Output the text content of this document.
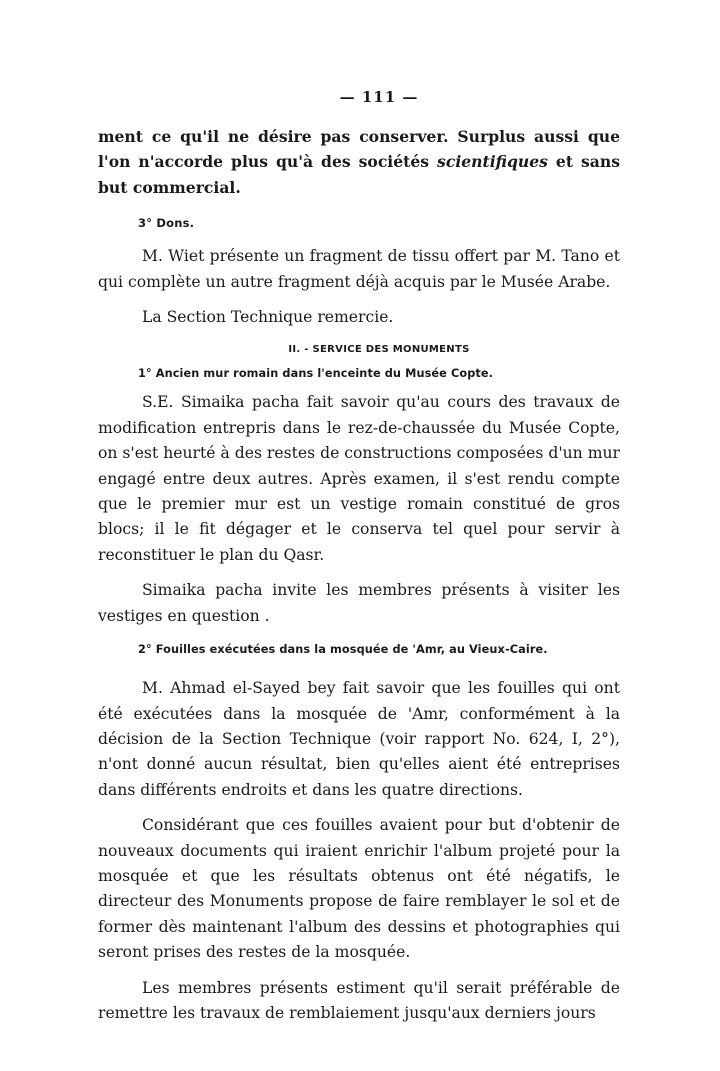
— 111 —

ment ce qu'il ne désire pas conserver. Surplus aussi que l'on n'accorde plus qu'à des sociétés scientifiques et sans but commercial.

3° Dons.

M. Wiet présente un fragment de tissu offert par M. Tano et qui complète un autre fragment déjà acquis par le Musée Arabe.

La Section Technique remercie.

II. - SERVICE DES MONUMENTS
1° Ancien mur romain dans l'enceinte du Musée Copte.

S.E. Simaika pacha fait savoir qu'au cours des travaux de modification entrepris dans le rez-de-chaussée du Musée Copte, on s'est heurté à des restes de constructions composées d'un mur engagé entre deux autres. Après examen, il s'est rendu compte que le premier mur est un vestige romain constitué de gros blocs; il le fit dégager et le conserva tel quel pour servir à reconstituer le plan du Qasr.

Simaika pacha invite les membres présents à visiter les vestiges en question .

2° Fouilles exécutées dans la mosquée de 'Amr, au Vieux-Caire.

M. Ahmad el-Sayed bey fait savoir que les fouilles qui ont été exécutées dans la mosquée de 'Amr, conformément à la décision de la Section Technique (voir rapport No. 624, I, 2°), n'ont donné aucun résultat, bien qu'elles aient été entreprises dans différents endroits et dans les quatre directions.

Considérant que ces fouilles avaient pour but d'obtenir de nouveaux documents qui iraient enrichir l'album projeté pour la mosquée et que les résultats obtenus ont été négatifs, le directeur des Monuments propose de faire remblayer le sol et de former dès maintenant l'album des dessins et photographies qui seront prises des restes de la mosquée.

Les membres présents estiment qu'il serait préférable de remettre les travaux de remblaiement jusqu'aux derniers jours
